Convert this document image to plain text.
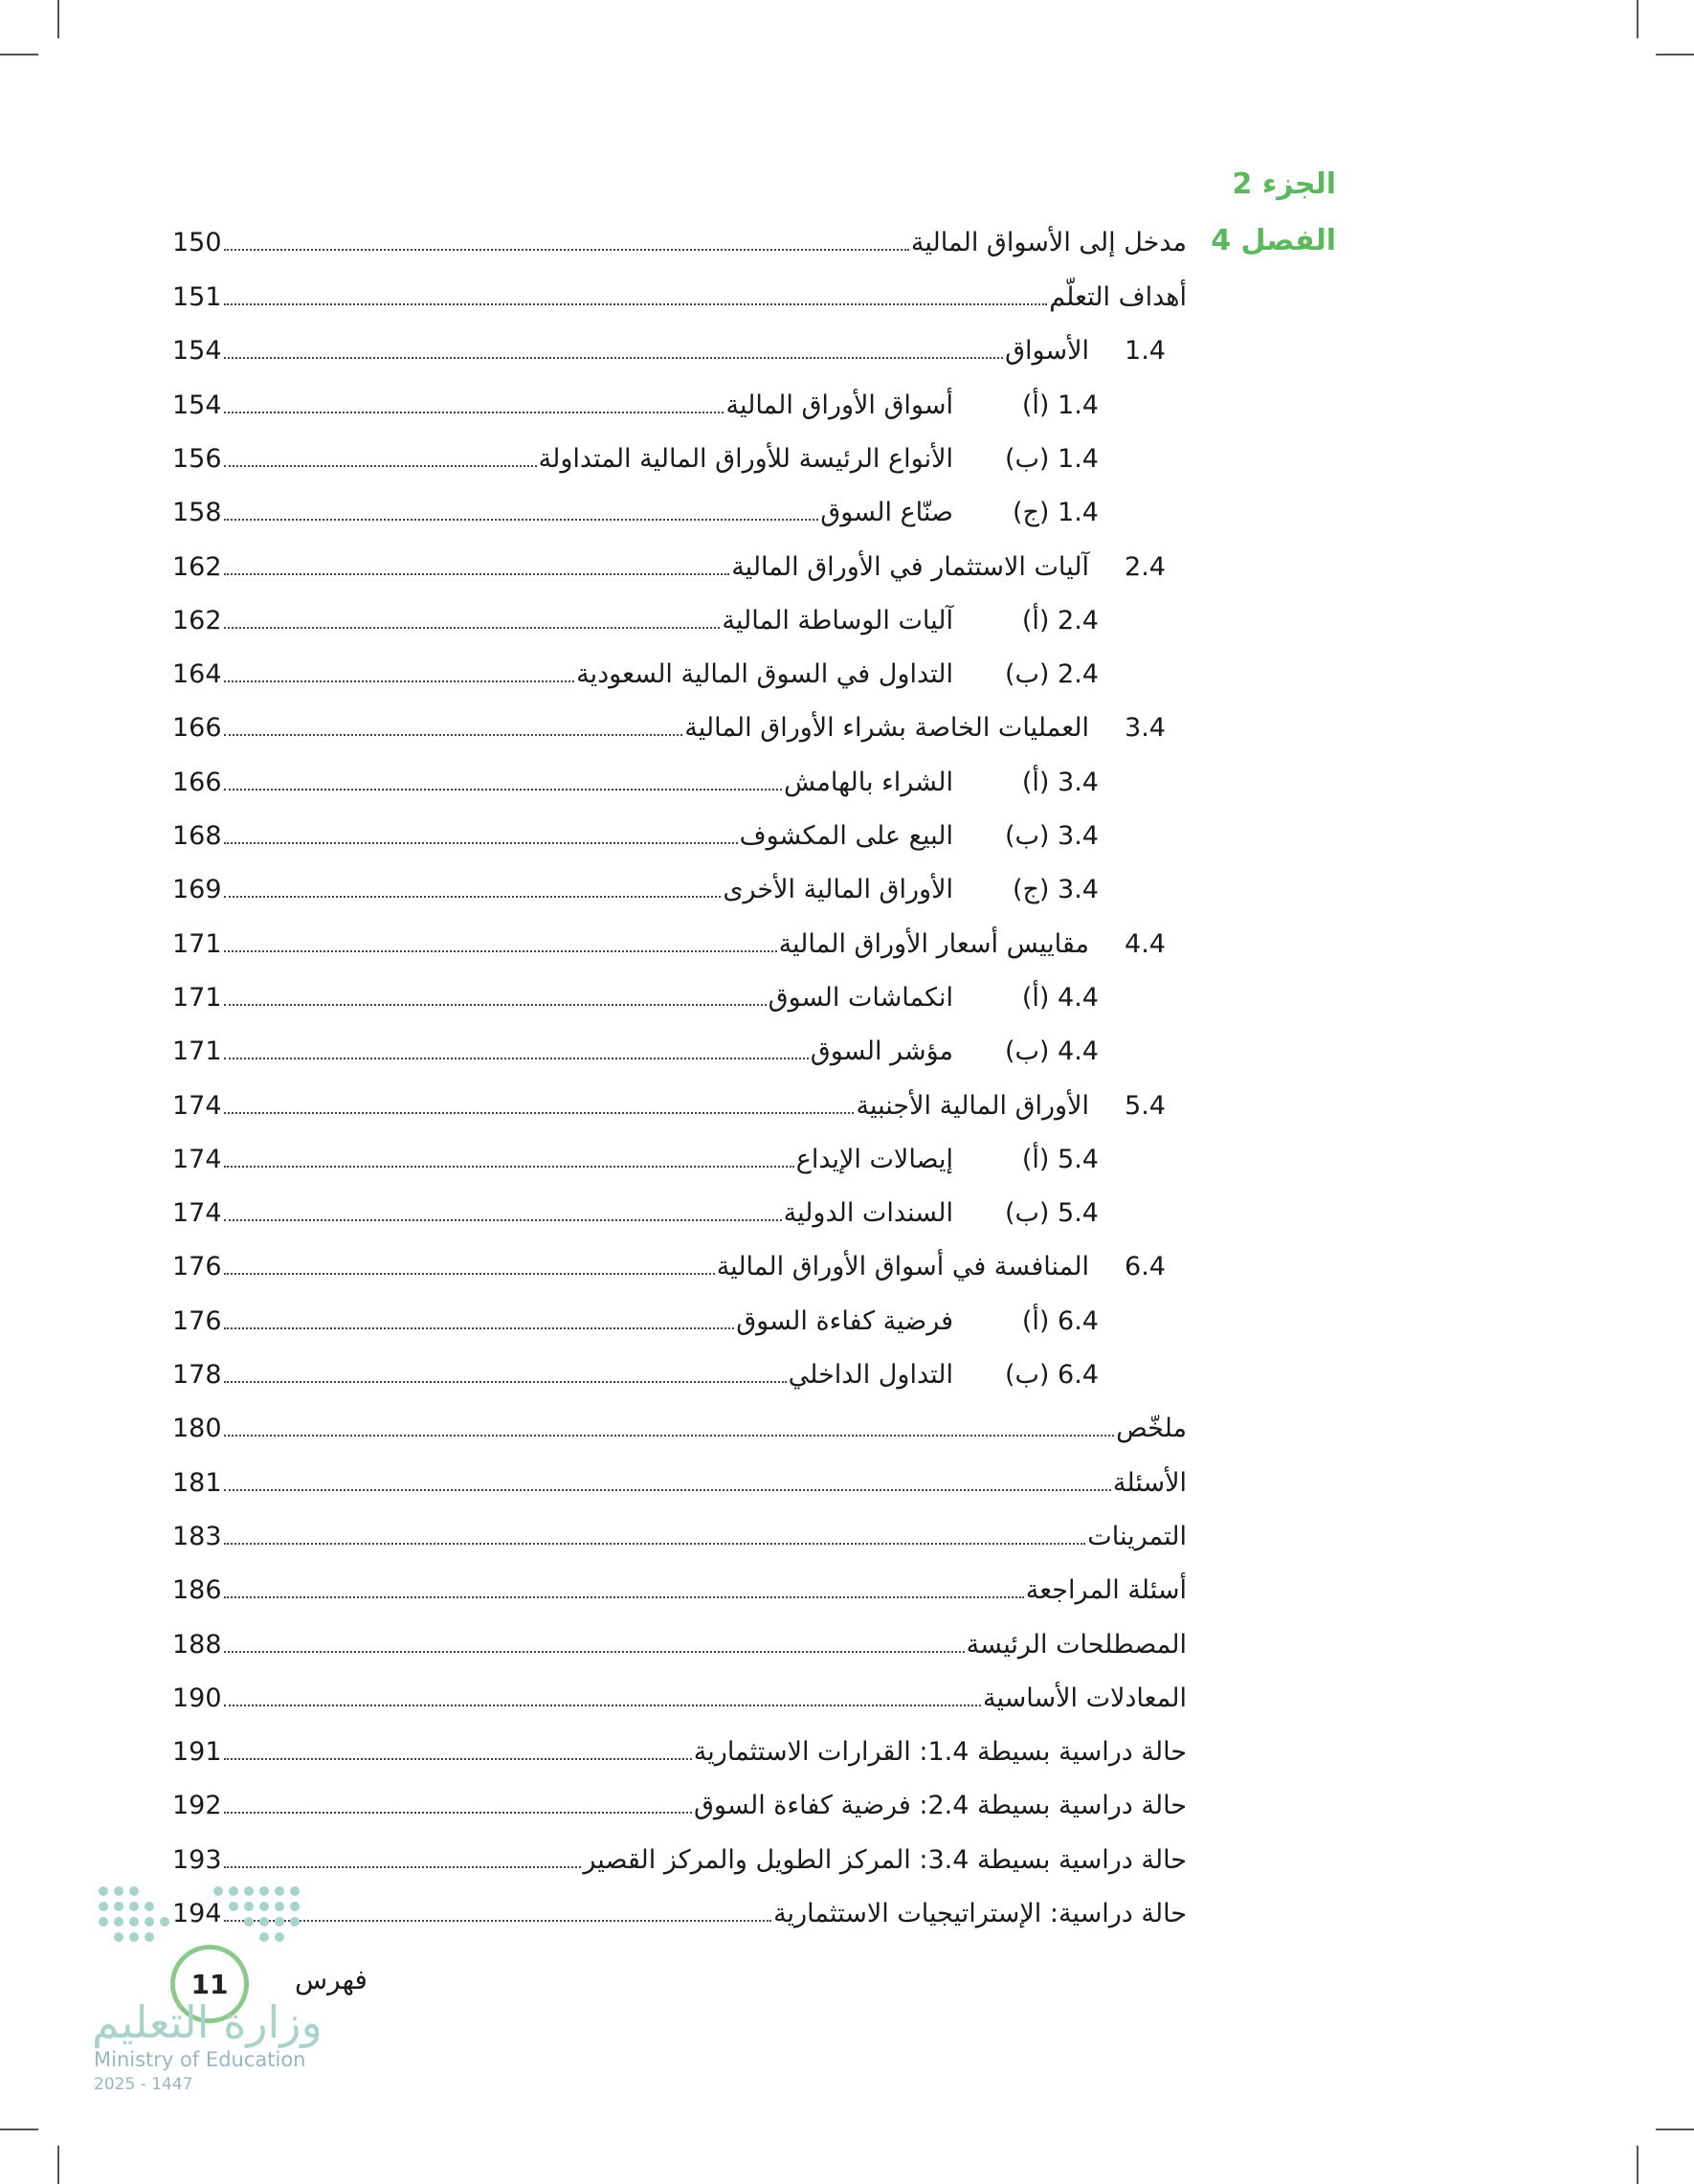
الجزء 2
الفصل 4
مدخل إلى الأسواق المالية
150
أهداف التعلّم
151
1.4
الأسواق
154
1.4 (أ)
أسواق الأوراق المالية
154
1.4 (ب)
الأنواع الرئيسة للأوراق المالية المتداولة
156
1.4 (ج)
صنّاع السوق
158
2.4
آليات الاستثمار في الأوراق المالية
162
2.4 (أ)
آليات الوساطة المالية
162
2.4 (ب)
التداول في السوق المالية السعودية
164
3.4
العمليات الخاصة بشراء الأوراق المالية
166
3.4 (أ)
الشراء بالهامش
166
3.4 (ب)
البيع على المكشوف
168
3.4 (ج)
الأوراق المالية الأخرى
169
4.4
مقاييس أسعار الأوراق المالية
171
4.4 (أ)
انكماشات السوق
171
4.4 (ب)
مؤشر السوق
171
5.4
الأوراق المالية الأجنبية
174
5.4 (أ)
إيصالات الإيداع
174
5.4 (ب)
السندات الدولية
174
6.4
المنافسة في أسواق الأوراق المالية
176
6.4 (أ)
فرضية كفاءة السوق
176
6.4 (ب)
التداول الداخلي
178
ملخّص
180
الأسئلة
181
التمرينات
183
أسئلة المراجعة
186
المصطلحات الرئيسة
188
المعادلات الأساسية
190
حالة دراسية بسيطة 1.4: القرارات الاستثمارية
191
حالة دراسية بسيطة 2.4: فرضية كفاءة السوق
192
حالة دراسية بسيطة 3.4: المركز الطويل والمركز القصير
193
حالة دراسية: الإستراتيجيات الاستثمارية
194
11	فهرس
وزارة التعليم
Ministry of Education
2025 - 1447
